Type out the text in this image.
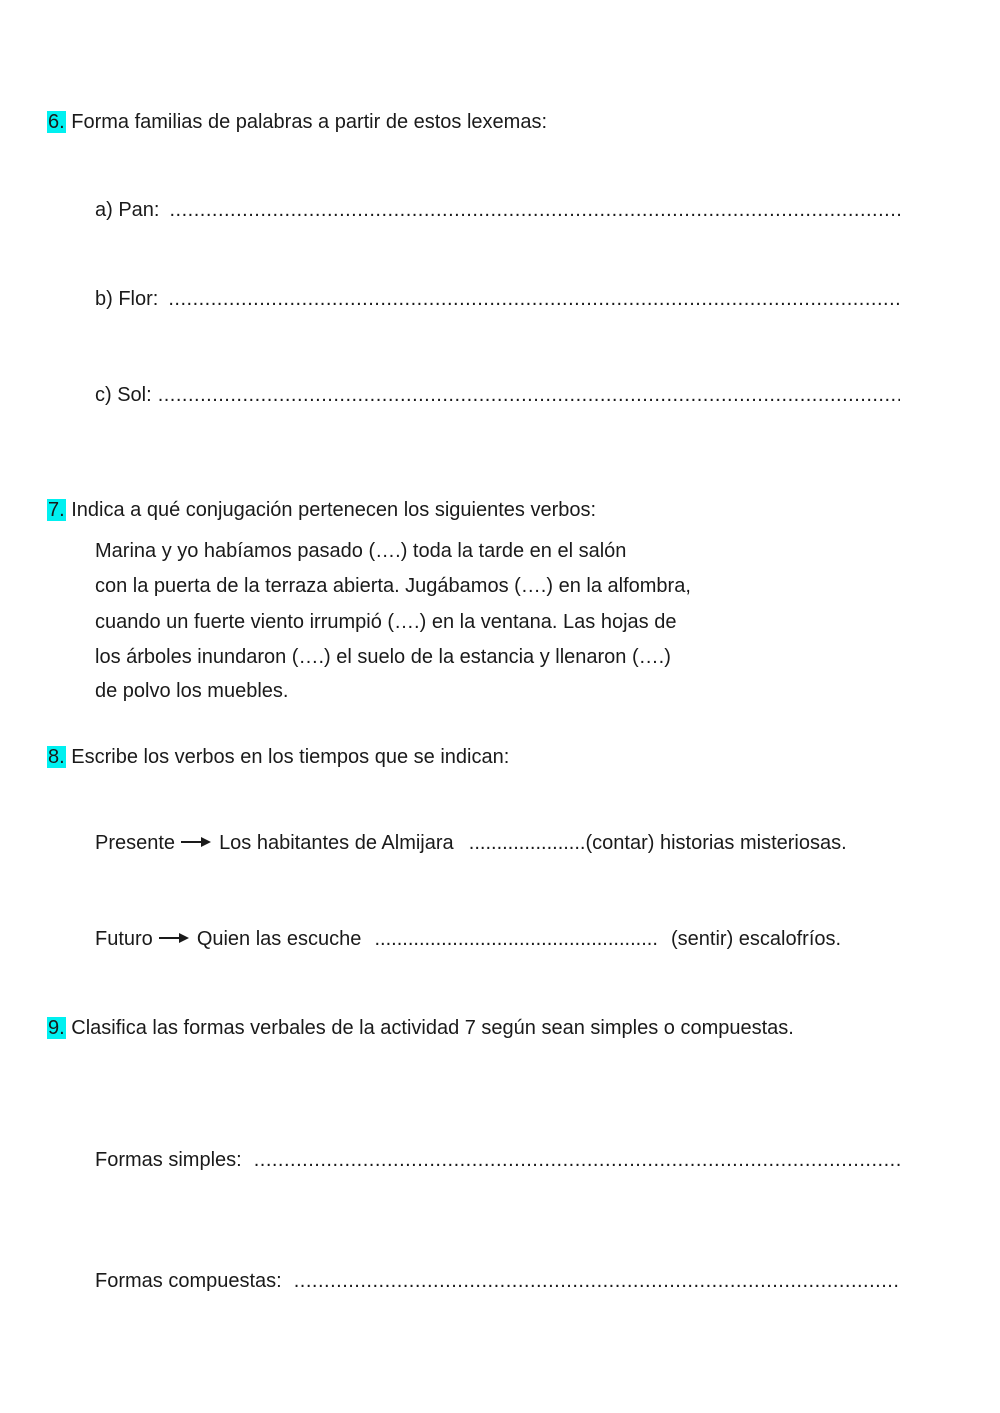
6. Forma familias de palabras a partir de estos lexemas:
a) Pan:
.....
b) Flor:
.....
c) Sol:
.....
7. Indica a qué conjugación pertenecen los siguientes verbos:
Marina y yo habíamos pasado (….) toda la tarde en el salón
con la puerta de la terraza abierta. Jugábamos (….) en la alfombra,
cuando un fuerte viento irrumpió (….) en la ventana. Las hojas de
los árboles inundaron (….) el suelo de la estancia y llenaron (….)
de polvo los muebles.
8. Escribe los verbos en los tiempos que se indican:
Presente Los habitantes de Almijara .....................(contar) historias misteriosas.
Futuro Quien las escuche ................................................... (sentir) escalofríos.
9. Clasifica las formas verbales de la actividad 7 según sean simples o compuestas.
Formas simples:
.....
Formas compuestas:
.....
